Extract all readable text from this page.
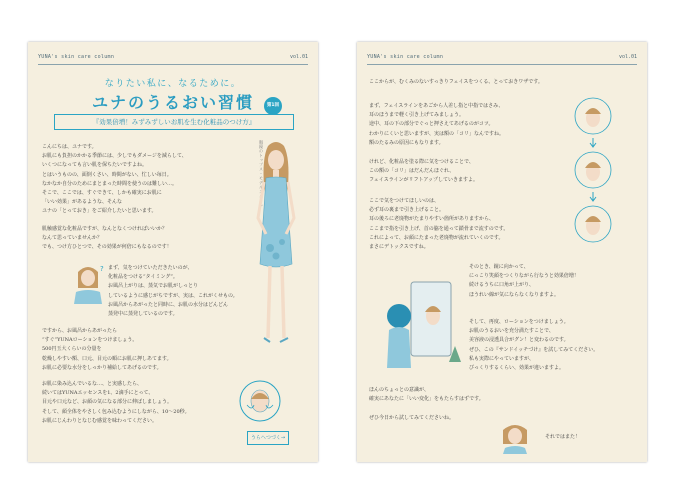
YUNA's skin care column	vol.01
なりたい私に、なるために。
ユナのうるおい習慣	第1回
『効果倍増！みずみずしいお肌を生む化粧品のつけ方』

こんにちは、ユナです。
お肌にも負担のかかる季節には、少しでもダメージを減らして、
いくつになっても言い肌を保ちたいですよね。
とはいうものの、面倒くさい、時間がない、忙しい毎日。
なかなか自分のためにまとまった時間を使うのは難しい…。
そこで、ここでは、すぐできて、しかも確実にお肌に
「いい効果」があるような、そんな
ユナの「とっておき」をご紹介したいと思います。

肌触感覚な化粧品ですが、なんとなくつければいいか？
なんて思っていませんか？
でも、つけ方ひとつで、その効果が何倍にもなるのです！

まず、気をつけていただきたいのが、
化粧品をつける“タイミング”。
お風呂上がりは、蒸気でお肌がしっとり
しているように感じがちですが、実は、これがくせもの。
お風呂からあがったと同時に、お肌の水分はどんどん
蒸発中に蒸発しているのです。

ですから、お風呂からあがったら
“すぐ”YUNAローションをつけましょう。
500円玉大くらいの分量を
乾燥しやすい額、口元、目元の順にお肌に押しあてます。
お肌に必要な水分をしっかり補給してあげるのです。

お肌に染み込んでいるな…、と実感したら、
続いてはYUNAエッセンスを1、2滴手にとって、
目元や口元など、お顔の気になる部分に伸ばしましょう。
そして、顔全体をやさしく包み込むようにしながら、10〜20秒。
お肌にじんわりとなじむ感覚を味わってください。

眼鏡のトップス・モデルスタイル
?
うらへつづく→
YUNA's skin care column	vol.01

ここからが、むくみのないすっきりフェイスをつくる、とっておきワザです。

まず、フェイスラインをあごから人差し指と中指ではさみ、
耳のほうまで軽く引き上げてみましょう。
途中、耳の下の部分でぐっと押さえてあげるのがコツ。
わかりにくいと思いますが、実は額の「コリ」なんですね。
額のたるみの原因にもなります。

けれど、化粧品を塗る際に気をつけることで、
この額の「コリ」はだんだんほぐれ、
フェイスラインがリフトアップしていきますよ。

ここで気をつけてほしいのは、
必ず耳の裏まで引き上げること。
耳の後ろに老廃物がたまりやすい箇所がありますから、
ここまで指を引き上げ、首の脇を通って鎖骨まで流すのです。
これによって、お顔にたまった老廃物が流れていくのです。
まさにデトックスですね。

そのとき、鏡に向かって、
にっこり笑顔をつくりながら行なうと効果倍増！
続けるうちに口角が上がり、
ほうれい線が気にならなくなりますよ。

そして、再度、ローションをつけましょう。
お肌のうるおいを充分満たすことで、
美容液の浸透具合がグン！と変わるのです。
ぜひ、この『サンドイッチづけ』を試してみてください。
私も実際にやっていますが、
びっくりするくらい、効果が違いますよ。

ほんのちょっとの意識が、
確実にあなたに「いい変化」をもたらすはずです。

ぜひ今日から試してみてくださいね。

それではまた！
